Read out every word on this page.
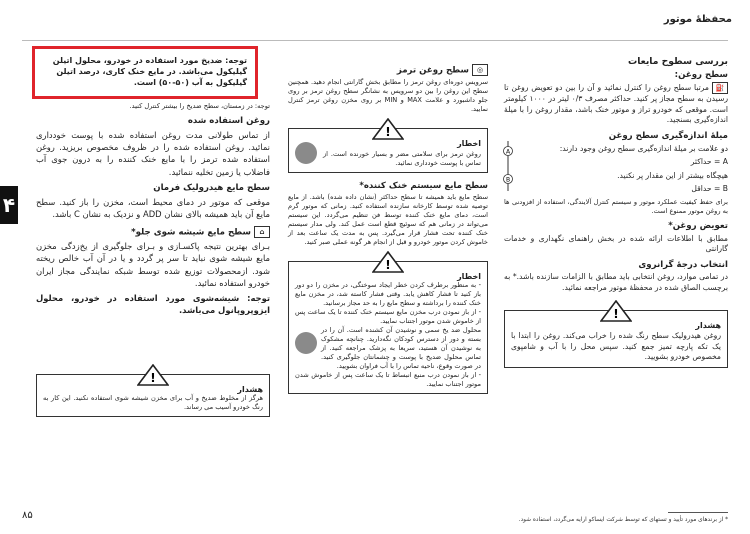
محفظهٔ موتور
۴
بررسی سطوح مایعات
سطح روغن:
⛽مرتبا سطح روغن را کنترل نمائید و آن را بین دو تعویض روغن تا رسیدن به سطح مجاز پر کنید. حداکثر مصرف ۰/۳ لیتر در ۱۰۰۰ کیلومتر است. موقعی که خودرو تراز و موتور خنک باشد، مقدار روغن را با میلهٔ اندازه‌گیری بسنجید.
A
B
میلهٔ اندازه‌گیری سطح روغن
دو علامت بر میلهٔ اندازه‌گیری سطح روغن وجود دارند:
A = حداکثر
هیچگاه بیشتر از این مقدار پر نکنید.
B = حداقل
برای حفظ کیفیت عملکرد موتور و سیستم کنترل آلایندگی، استفاده از افزودنی ها به روغن موتور ممنوع است.
تعویض روغن*
مطابق با اطلاعات ارائه شده در بخش راهنمای نگهداری و خدمات گارانتی
انتخاب درجهٔ گرانروی
در تمامی موارد، روغن انتخابی باید مطابق با الزامات سازنده باشد.* به برچسب الصاق شده در محفظهٔ موتور مراجعه نمائید.
!
هشدار
روغن هیدرولیک سطح رنگ شده را خراب می‌کند. روغن را ابتدا با یک تکه پارچه تمیز جمع کنید. سپس محل را با آب و شامپوی مخصوص خودرو بشویید.
◎سطح روغن ترمز
سرویس دوره‌ای روغن ترمز را مطابق بخش گارانتی انجام دهید. همچنین سطح این روغن را بین دو سرویس به نشانگر سطح روغن ترمز بر روی جلو داشبورد و علامت MAX و MIN بر روی مخزن روغن ترمز کنترل نمایید.
!
اخطار
روغن ترمز برای سلامتی مضر و بسیار خورنده است. از تماس با پوست خودداری نمائید.
سطح مایع سیستم خنک کننده*
سطح مایع باید همیشه تا سطح حداکثر (نشان داده‌ شده) باشد. از مایع توصیه شده توسط کارخانه سازنده استفاده کنید. زمانی که موتور گرم است، دمای مایع خنک کننده توسط فن تنظیم می‌گردد. این سیستم می‌تواند در زمانی هم که سوئیچ قطع است عمل کند. ولی مدار سیستم خنک کننده تحت فشار قرار می‌گیرد. پس به مدت یک ساعت بعد از خاموش کردن موتور خودرو و قبل از انجام هر گونه عملی صبر کنید.
!
اخطار
- به منظور برطرف کردن خطر ایجاد سوختگی، در مخزن را دو دور باز کنید تا فشار کاهش یابد. وقتی فشار کاسته شد، در مخزن مایع خنک کننده را برداشته و سطح مایع را به حد مجاز برسانید.
- از باز نمودن درب مخزن مایع سیستم خنک کننده تا یک ساعت پس از خاموش شدن موتور اجتناب نمایید.
محلول ضد یخ سمی و نوشیدن آن کشنده است. آن را در بسته و دور از دسترس کودکان نگه‌دارید. چنانچه مشکوک به نوشیدن آن هستید، سریعا به پزشک مراجعه کنید. از تماس محلول ضدیخ با پوست و چشمانتان جلوگیری کنید. در صورت وقوع، ناحیه تماس را با آب فراوان بشویید.
- از باز نمودن درب منبع انبساط تا یک ساعت پس از خاموش شدن موتور اجتناب نمایید.
توجه: در زمستان، سطح ضدیخ را بیشتر کنترل کنید.
روغن استفاده شده
از تماس طولانی مدت روغن استفاده شده با پوست خودداری نمائید. روغن استفاده شده را در ظروف مخصوص بریزید. روغن استفاده شده ترمز را با مایع خنک کننده را به درون جوی آب فاضلاب یا زمین تخلیه ننمائید.
سطح مایع هیدرولیک فرمان
موقعی که موتور در دمای محیط است، مخزن را باز کنید. سطح مایع آن باید همیشه بالای نشان ADD و نزدیک به نشان C باشد.
⌂سطح مایع شیشه شوی جلو*
بـرای بهترین نتیجه پاکسـازی و بـرای جلوگیری از یخ‌زدگی مخزن مایع شیشه شوی نباید تا سر پر گردد و یا در آن آب خالص ریخته شود. ازمحصولات توزیع شده توسط شبکه نمایندگی مجاز ایران خودرو استفاده نمائید.
توجه: شیشه‌شوی مورد استفاده در خودرو، محلول ایزوپروپانول می‌باشد.
!
هشدار
هرگز از مخلوط ضدیخ و آب برای مخزن شیشه شوی استفاده نکنید. این کار به رنگ خودرو آسیب می‌ رساند.
توجه: ضدیخ مورد استفاده در خودرو، محلول اتیلن گیلیکول می‌باشد. در مایع خنک کاری، درصد اتیلن گیلیکول به آب (۵۰-۵۰) است.
* از برندهای مورد تأیید و تستهای که توسط شرکت ایساکو ارایه می‌گردد، استفاده شود.
۸۵
